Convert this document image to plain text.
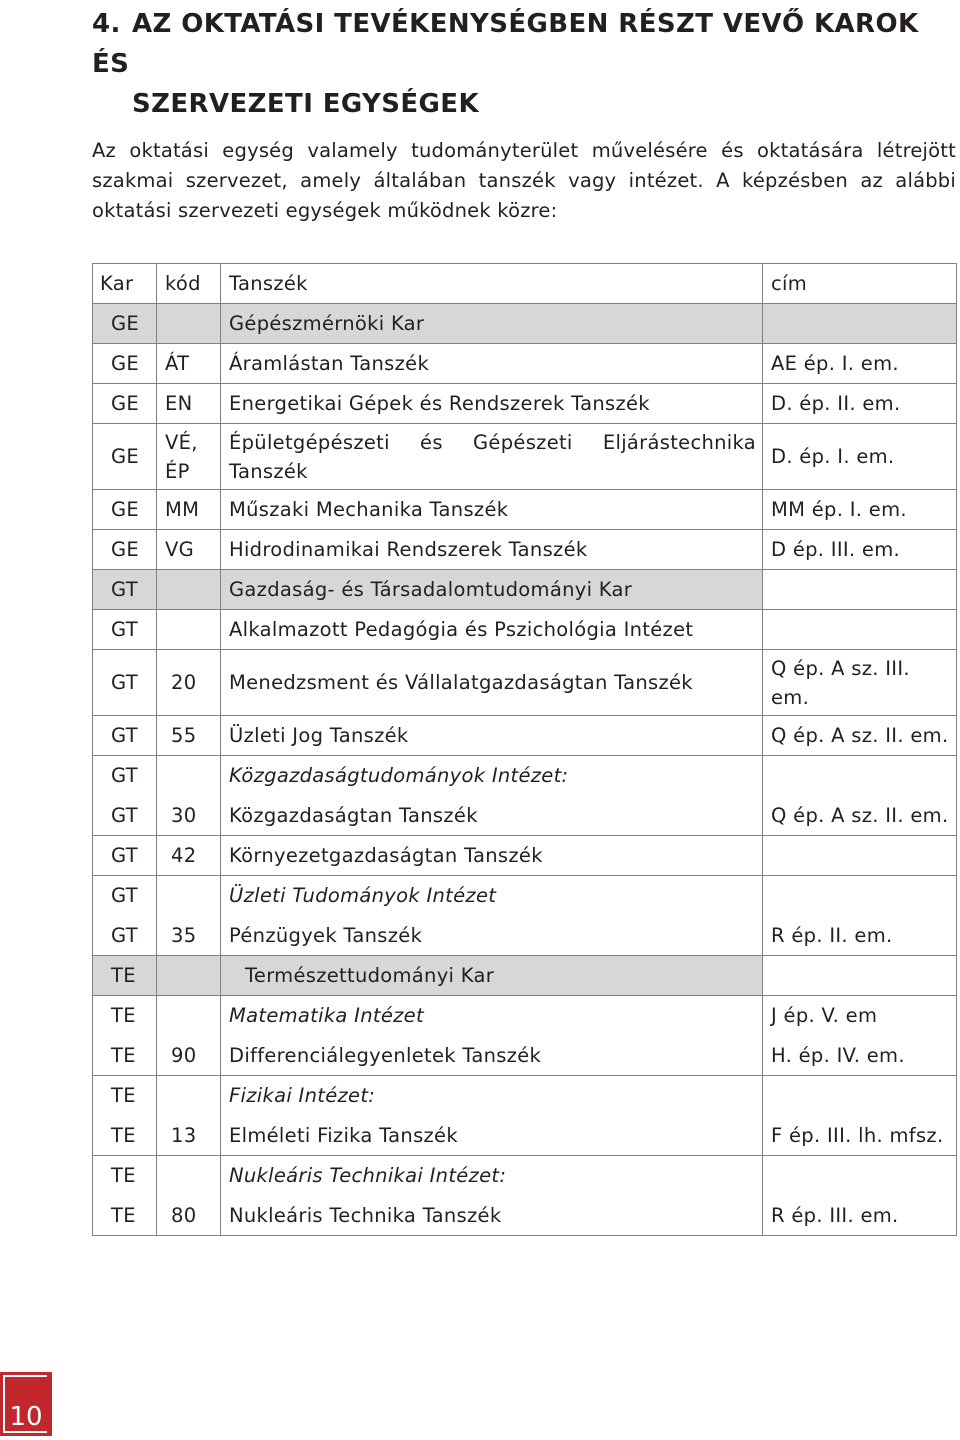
4. AZ OKTATÁSI TEVÉKENYSÉGBEN RÉSZT VEVŐ KAROK ÉS
SZERVEZETI EGYSÉGEK

Az oktatási egység valamely tudományterület művelésére és oktatására létrejött szakmai szervezet, amely általában tanszék vagy intézet. A képzésben az alábbi oktatási szervezeti egységek működnek közre:

Kar	kód	Tanszék	cím
GE		Gépészmérnöki Kar	
GE	ÁT	Áramlástan Tanszék	AE ép. I. em.
GE	EN	Energetikai Gépek és Rendszerek Tanszék	D. ép. II. em.
GE	VÉ, ÉP	Épületgépészeti és Gépészeti Eljárástechnika Tanszék	D. ép. I. em.
GE	MM	Műszaki Mechanika Tanszék	MM ép. I. em.
GE	VG	Hidrodinamikai Rendszerek Tanszék	D ép. III. em.
GT		Gazdaság- és Társadalomtudományi Kar	
GT		Alkalmazott Pedagógia és Pszichológia Intézet	
GT	20	Menedzsment és Vállalatgazdaságtan Tanszék	Q ép. A sz. III. em.
GT	55	Üzleti Jog Tanszék	Q ép. A sz. II. em.
GT		Közgazdaságtudományok Intézet:	
GT	30	Közgazdaságtan Tanszék	Q ép. A sz. II. em.
GT	42	Környezetgazdaságtan Tanszék	
GT		Üzleti Tudományok Intézet	
GT	35	Pénzügyek Tanszék	R ép. II. em.
TE		Természettudományi Kar	
TE		Matematika Intézet	J ép. V. em
TE	90	Differenciálegyenletek Tanszék	H. ép. IV. em.
TE		Fizikai Intézet:	
TE	13	Elméleti Fizika Tanszék	F ép. III. lh. mfsz.
TE		Nukleáris Technikai Intézet:	
TE	80	Nukleáris Technika Tanszék	R ép. III. em.
10
